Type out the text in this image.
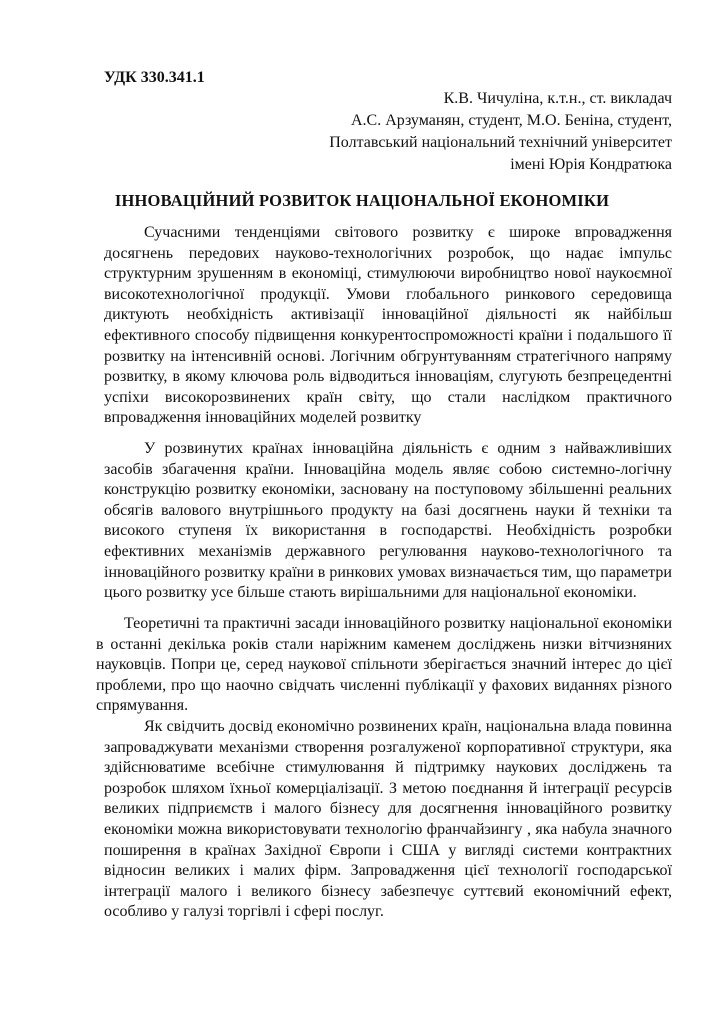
УДК 330.341.1
К.В. Чичуліна, к.т.н., ст. викладач
А.С. Арзуманян, студент, М.О. Беніна, студент,
Полтавський національний технічний університет
імені Юрія Кондратюка
ІННОВАЦІЙНИЙ РОЗВИТОК НАЦІОНАЛЬНОЇ ЕКОНОМІКИ

Сучасними тенденціями світового розвитку є широке впровадження досягнень передових науково-технологічних розробок, що надає імпульс структурним зрушенням в економіці, стимулюючи виробництво нової наукоємної високотехнологічної продукції. Умови глобального ринкового середовища диктують необхідність активізації інноваційної діяльності як найбільш ефективного способу підвищення конкурентоспроможності країни і подальшого її розвитку на інтенсивній основі. Логічним обгрунтуванням стратегічного напряму розвитку, в якому ключова роль відводиться інноваціям, слугують безпрецедентні успіхи високорозвинених країн світу, що стали наслідком практичного впровадження інноваційних моделей розвитку

У розвинутих країнах інноваційна діяльність є одним з найважливіших засобів збагачення країни. Інноваційна модель являє собою системно-логічну конструкцію розвитку економіки, засновану на поступовому збільшенні реальних обсягів валового внутрішнього продукту на базі досягнень науки й техніки та високого ступеня їх використання в господарстві. Необхідність розробки ефективних механізмів державного регулювання науково-технологічного та інноваційного розвитку країни в ринкових умовах визначається тим, що параметри цього розвитку усе більше стають вирішальними для національної економіки.

Теоретичні та практичні засади інноваційного розвитку національної економіки в останні декілька років стали наріжним каменем досліджень низки вітчизняних науковців. Попри це, серед наукової спільноти зберігається значний інтерес до цієї проблеми, про що наочно свідчать численні публікації у фахових виданнях різного спрямування.

Як свідчить досвід економічно розвинених країн, національна влада повинна запроваджувати механізми створення розгалуженої корпоративної структури, яка здійснюватиме всебічне стимулювання й підтримку наукових досліджень та розробок шляхом їхньої комерціалізації. З метою поєднання й інтеграції ресурсів великих підприємств і малого бізнесу для досягнення інноваційного розвитку економіки можна використовувати технологію франчайзингу , яка набула значного поширення в країнах Західної Європи і США у вигляді системи контрактних відносин великих і малих фірм. Запровадження цієї технології господарської інтеграції малого і великого бізнесу забезпечує суттєвий економічний ефект, особливо у галузі торгівлі і сфері послуг.
